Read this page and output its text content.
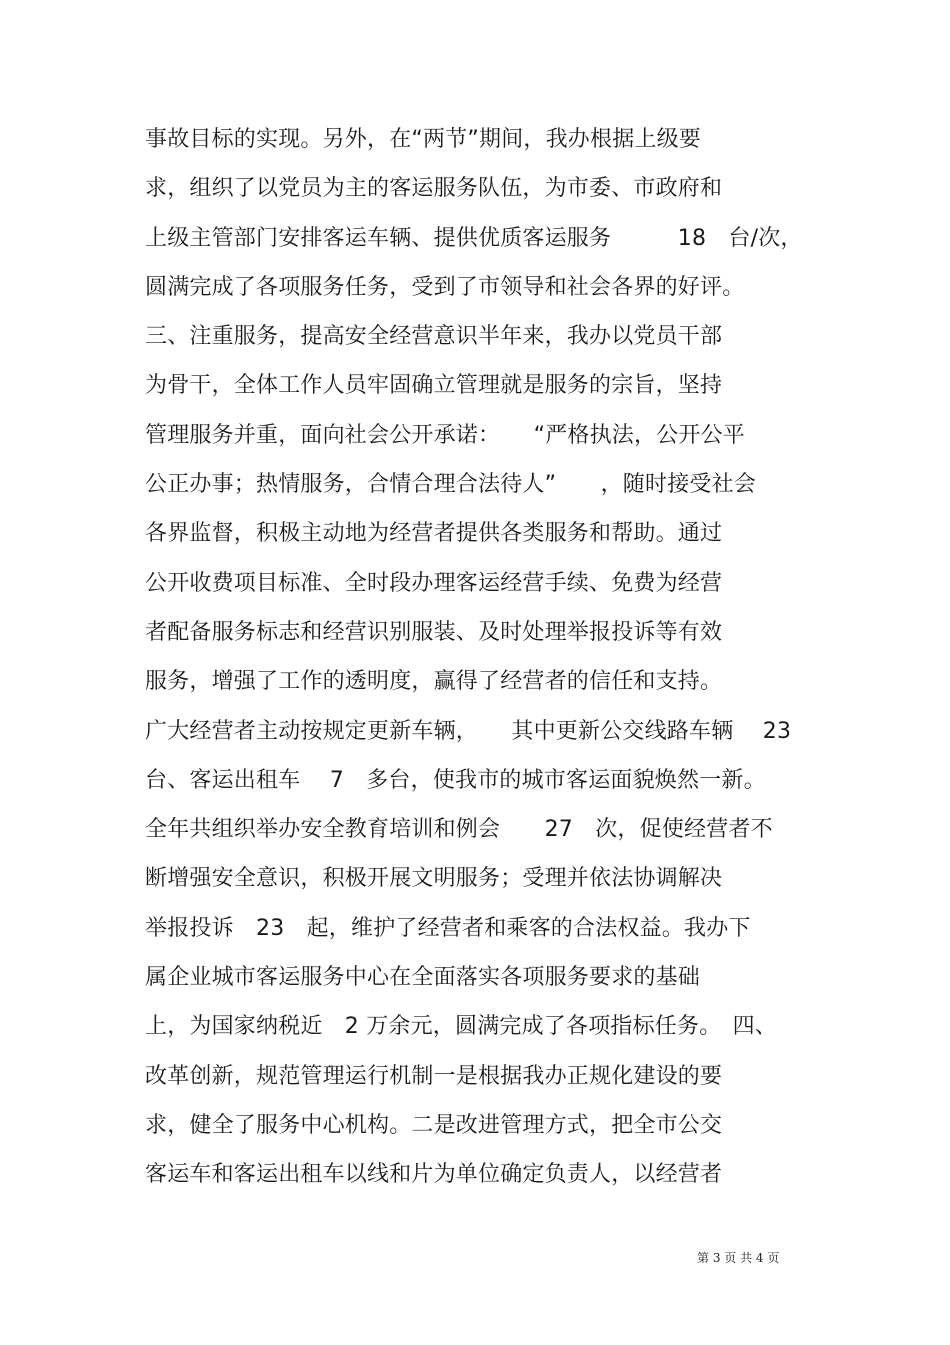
事故目标的实现。另外，在“两节”期间，我办根据上级要
求，组织了以党员为主的客运服务队伍，为市委、市政府和
上级主管部门安排客运车辆、提供优质客运服务　　　18　台/次，
圆满完成了各项服务任务，受到了市领导和社会各界的好评。
三、注重服务，提高安全经营意识半年来，我办以党员干部
为骨干，全体工作人员牢固确立管理就是服务的宗旨，坚持
管理服务并重，面向社会公开承诺：　　“严格执法，公开公平
公正办事；热情服务，合情合理合法待人”　　，随时接受社会
各界监督，积极主动地为经营者提供各类服务和帮助。通过
公开收费项目标准、全时段办理客运经营手续、免费为经营
者配备服务标志和经营识别服装、及时处理举报投诉等有效
服务，增强了工作的透明度，赢得了经营者的信任和支持。
广大经营者主动按规定更新车辆，　　其中更新公交线路车辆　 23
台、客运出租车　 7　多台，使我市的城市客运面貌焕然一新。
全年共组织举办安全教育培训和例会　　27　次，促使经营者不
断增强安全意识，积极开展文明服务；受理并依法协调解决
举报投诉　23　起，维护了经营者和乘客的合法权益。我办下
属企业城市客运服务中心在全面落实各项服务要求的基础
上，为国家纳税近　2 万余元，圆满完成了各项指标任务。　四、
改革创新，规范管理运行机制一是根据我办正规化建设的要
求，健全了服务中心机构。二是改进管理方式，把全市公交
客运车和客运出租车以线和片为单位确定负责人，以经营者
第 3 页 共 4 页
